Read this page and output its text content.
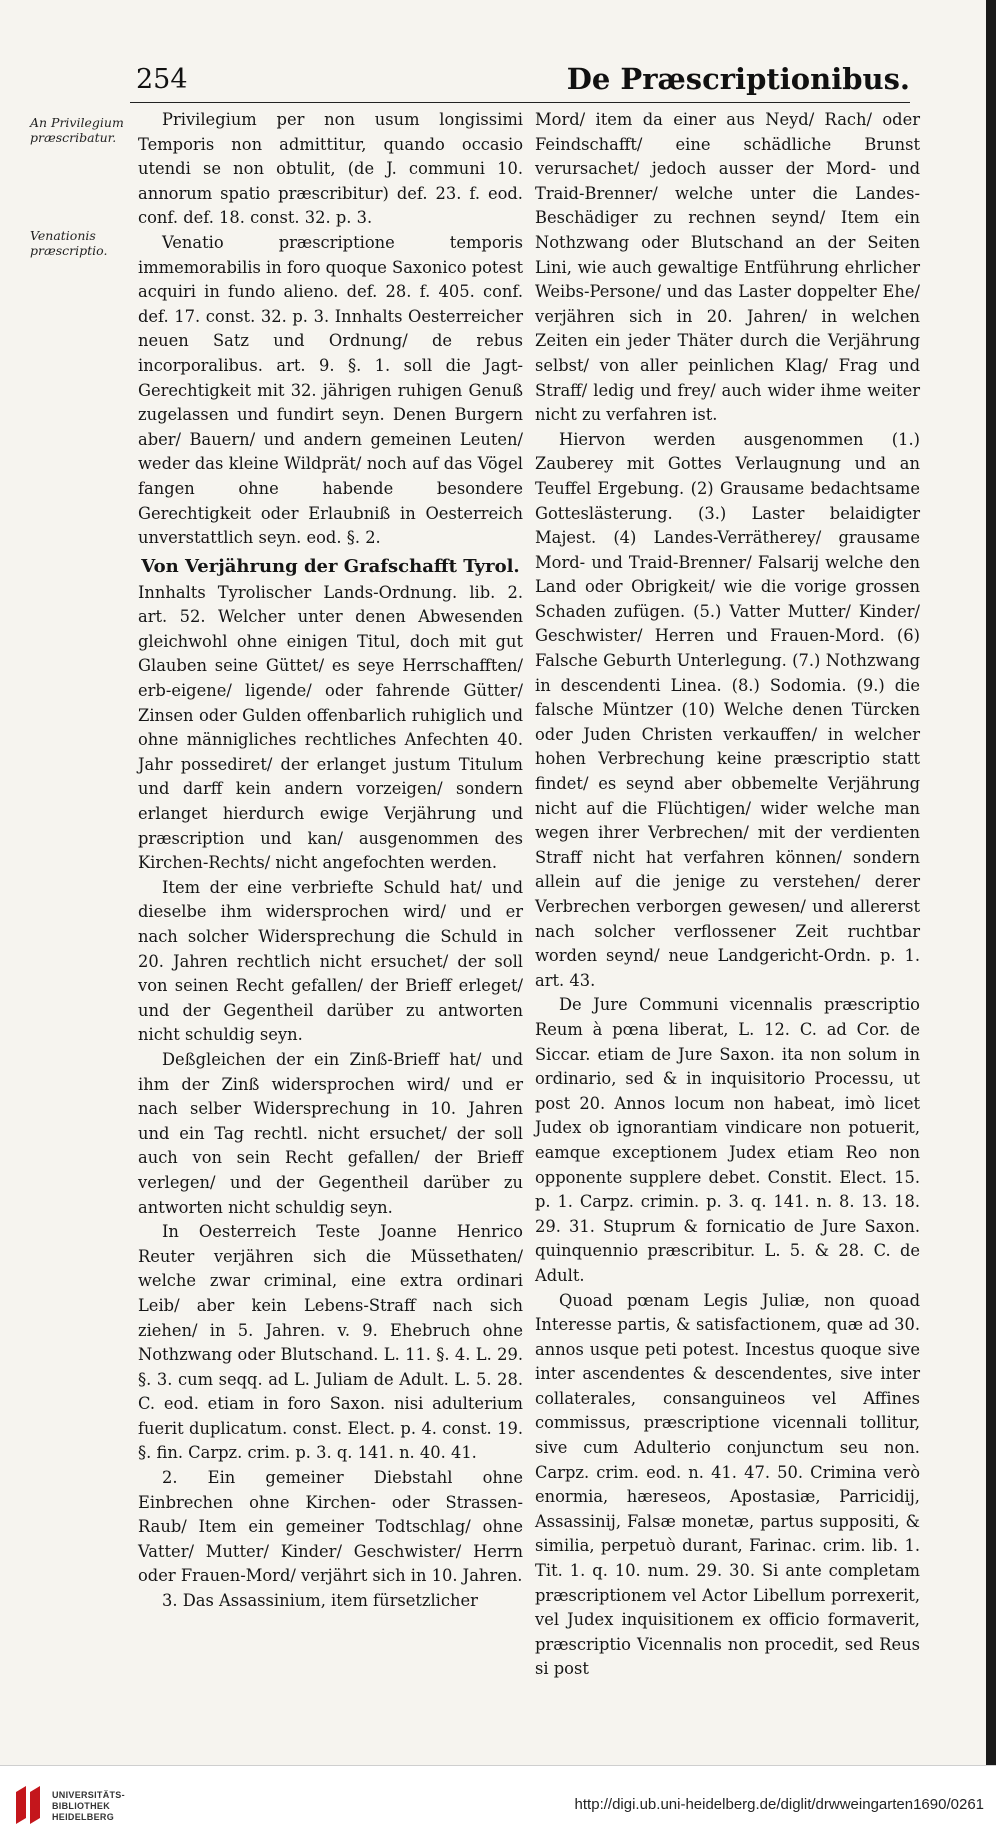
254	De Præscriptionibus.
An Privilegium præscribatur.
Venationis præscriptio.

Privilegium per non usum longissimi Temporis non admittitur, quando occasio utendi se non obtulit, (de J. communi 10. annorum spatio præscribitur) def. 23. f. eod. conf. def. 18. const. 32. p. 3.

Venatio præscriptione temporis immemorabilis in foro quoque Saxonico potest acquiri in fundo alieno. def. 28. f. 405. conf. def. 17. const. 32. p. 3. Innhalts Oesterreicher neuen Satz und Ordnung/ de rebus incorporalibus. art. 9. §. 1. soll die Jagt-Gerechtigkeit mit 32. jährigen ruhigen Genuß zugelassen und fundirt seyn. Denen Burgern aber/ Bauern/ und andern gemeinen Leuten/ weder das kleine Wildprät/ noch auf das Vögel fangen ohne habende besondere Gerechtigkeit oder Erlaubniß in Oesterreich unverstattlich seyn. eod. §. 2.

Von Verjährung der Grafschafft Tyrol.

Innhalts Tyrolischer Lands-Ordnung. lib. 2. art. 52. Welcher unter denen Abwesenden gleichwohl ohne einigen Titul, doch mit gut Glauben seine Güttet/ es seye Herrschafften/ erb-eigene/ ligende/ oder fahrende Gütter/ Zinsen oder Gulden offenbarlich ruhiglich und ohne männigliches rechtliches Anfechten 40. Jahr possediret/ der erlanget justum Titulum und darff kein andern vorzeigen/ sondern erlanget hierdurch ewige Verjährung und præscription und kan/ ausgenommen des Kirchen-Rechts/ nicht angefochten werden.

Item der eine verbriefte Schuld hat/ und dieselbe ihm widersprochen wird/ und er nach solcher Widersprechung die Schuld in 20. Jahren rechtlich nicht ersuchet/ der soll von seinen Recht gefallen/ der Brieff erleget/ und der Gegentheil darüber zu antworten nicht schuldig seyn.

Deßgleichen der ein Zinß-Brieff hat/ und ihm der Zinß widersprochen wird/ und er nach selber Widersprechung in 10. Jahren und ein Tag rechtl. nicht ersuchet/ der soll auch von sein Recht gefallen/ der Brieff verlegen/ und der Gegentheil darüber zu antworten nicht schuldig seyn.

In Oesterreich Teste Joanne Henrico Reuter verjähren sich die Müssethaten/ welche zwar criminal, eine extra ordinari Leib/ aber kein Lebens-Straff nach sich ziehen/ in 5. Jahren. v. 9. Ehebruch ohne Nothzwang oder Blutschand. L. 11. §. 4. L. 29. §. 3. cum seqq. ad L. Juliam de Adult. L. 5. 28. C. eod. etiam in foro Saxon. nisi adulterium fuerit duplicatum. const. Elect. p. 4. const. 19. §. fin. Carpz. crim. p. 3. q. 141. n. 40. 41.

2. Ein gemeiner Diebstahl ohne Einbrechen ohne Kirchen- oder Strassen-Raub/ Item ein gemeiner Todtschlag/ ohne Vatter/ Mutter/ Kinder/ Geschwister/ Herrn oder Frauen-Mord/ verjährt sich in 10. Jahren.

3. Das Assassinium, item fürsetzlicher

Mord/ item da einer aus Neyd/ Rach/ oder Feindschafft/ eine schädliche Brunst verursachet/ jedoch ausser der Mord- und Traid-Brenner/ welche unter die Landes-Beschädiger zu rechnen seynd/ Item ein Nothzwang oder Blutschand an der Seiten Lini, wie auch gewaltige Entführung ehrlicher Weibs-Persone/ und das Laster doppelter Ehe/ verjähren sich in 20. Jahren/ in welchen Zeiten ein jeder Thäter durch die Verjährung selbst/ von aller peinlichen Klag/ Frag und Straff/ ledig und frey/ auch wider ihme weiter nicht zu verfahren ist.

Hiervon werden ausgenommen (1.) Zauberey mit Gottes Verlaugnung und an Teuffel Ergebung. (2) Grausame bedachtsame Gotteslästerung. (3.) Laster belaidigter Majest. (4) Landes-Verrätherey/ grausame Mord- und Traid-Brenner/ Falsarij welche den Land oder Obrigkeit/ wie die vorige grossen Schaden zufügen. (5.) Vatter Mutter/ Kinder/ Geschwister/ Herren und Frauen-Mord. (6) Falsche Geburth Unterlegung. (7.) Nothzwang in descendenti Linea. (8.) Sodomia. (9.) die falsche Müntzer (10) Welche denen Türcken oder Juden Christen verkauffen/ in welcher hohen Verbrechung keine præscriptio statt findet/ es seynd aber obbemelte Verjährung nicht auf die Flüchtigen/ wider welche man wegen ihrer Verbrechen/ mit der verdienten Straff nicht hat verfahren können/ sondern allein auf die jenige zu verstehen/ derer Verbrechen verborgen gewesen/ und allererst nach solcher verflossener Zeit ruchtbar worden seynd/ neue Landgericht-Ordn. p. 1. art. 43.

De Jure Communi vicennalis præscriptio Reum à pœna liberat, L. 12. C. ad Cor. de Siccar. etiam de Jure Saxon. ita non solum in ordinario, sed & in inquisitorio Processu, ut post 20. Annos locum non habeat, imò licet Judex ob ignorantiam vindicare non potuerit, eamque exceptionem Judex etiam Reo non opponente supplere debet. Constit. Elect. 15. p. 1. Carpz. crimin. p. 3. q. 141. n. 8. 13. 18. 29. 31. Stuprum & fornicatio de Jure Saxon. quinquennio præscribitur. L. 5. & 28. C. de Adult.

Quoad pœnam Legis Juliæ, non quoad Interesse partis, & satisfactionem, quæ ad 30. annos usque peti potest. Incestus quoque sive inter ascendentes & descendentes, sive inter collaterales, consanguineos vel Affines commissus, præscriptione vicennali tollitur, sive cum Adulterio conjunctum seu non. Carpz. crim. eod. n. 41. 47. 50. Crimina verò enormia, hæreseos, Apostasiæ, Parricidij, Assassinij, Falsæ monetæ, partus suppositi, & similia, perpetuò durant, Farinac. crim. lib. 1. Tit. 1. q. 10. num. 29. 30. Si ante completam præscriptionem vel Actor Libellum porrexerit, vel Judex inquisitionem ex officio formaverit, præscriptio Vicennalis non procedit, sed Reus si post

UNIVERSITÄTS-
BIBLIOTHEK
HEIDELBERG
http://digi.ub.uni-heidelberg.de/diglit/drwweingarten1690/0261
